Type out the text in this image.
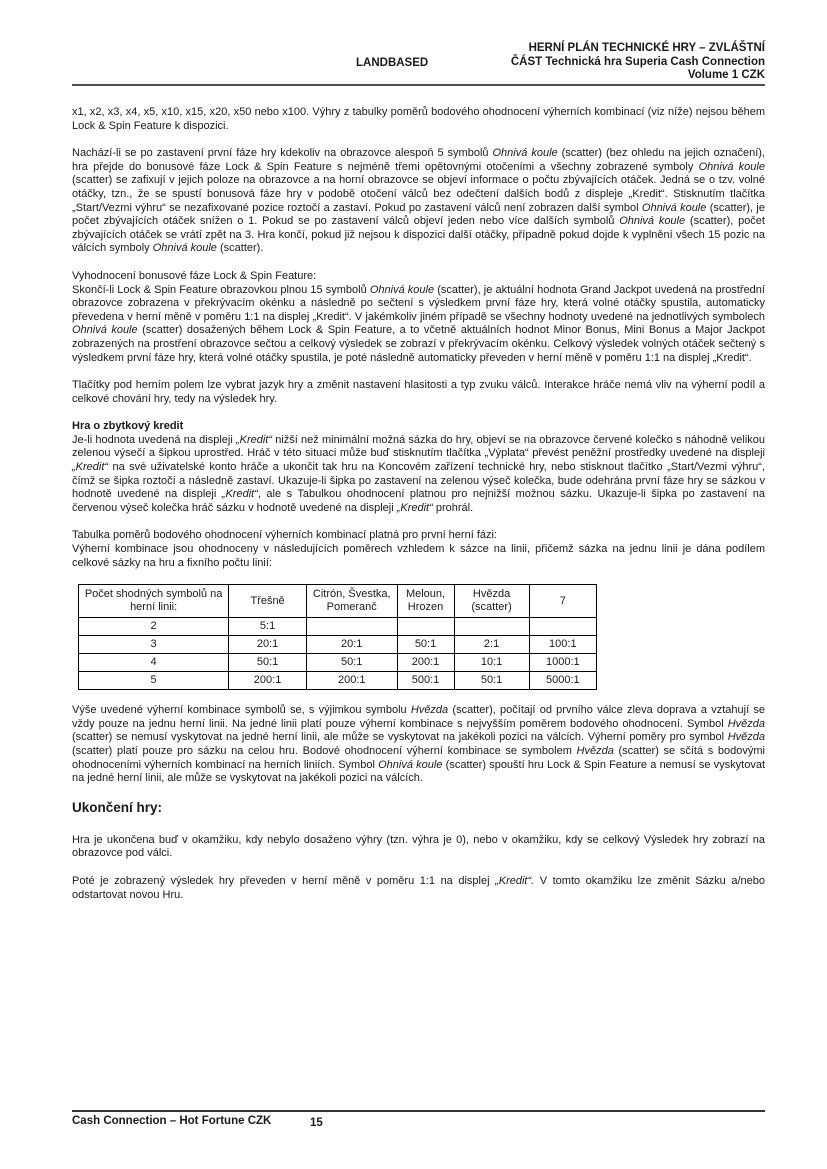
LANDBASED
HERNÍ PLÁN TECHNICKÉ HRY – ZVLÁŠTNÍ
ČÁST Technická hra Superia Cash Connection
Volume 1 CZK
x1, x2, x3, x4, x5, x10, x15, x20, x50 nebo x100. Výhry z tabulky poměrů bodového ohodnocení výherních kombinací (viz níže) nejsou během Lock & Spin Feature k dispozici.
Nachází-li se po zastavení první fáze hry kdekoliv na obrazovce alespoň 5 symbolů Ohnivá koule (scatter) (bez ohledu na jejich označení), hra přejde do bonusové fáze Lock & Spin Feature s nejméně třemi opětovnými otočeními a všechny zobrazené symboly Ohnivá koule (scatter) se zafixují v jejich poloze na obrazovce a na horní obrazovce se objeví informace o počtu zbývajících otáček. Jedná se o tzv. volné otáčky, tzn., že se spustí bonusová fáze hry v podobě otočení válců bez odečtení dalších bodů z displeje „Kredit“. Stisknutím tlačítka „Start/Vezmi výhru“ se nezafixované pozice roztočí a zastaví. Pokud po zastavení válců není zobrazen další symbol Ohnivá koule (scatter), je počet zbývajících otáček snížen o 1. Pokud se po zastavení válců objeví jeden nebo více dalších symbolů Ohnivá koule (scatter), počet zbývajících otáček se vrátí zpět na 3. Hra končí, pokud již nejsou k dispozici další otáčky, případně pokud dojde k vyplnění všech 15 pozic na válcích symboly Ohnivá koule (scatter).
Vyhodnocení bonusové fáze Lock & Spin Feature:
Skončí-li Lock & Spin Feature obrazovkou plnou 15 symbolů Ohnivá koule (scatter), je aktuální hodnota Grand Jackpot uvedená na prostřední obrazovce zobrazena v překrývacím okénku a následně po sečtení s výsledkem první fáze hry, která volné otáčky spustila, automaticky převedena v herní měně v poměru 1:1 na displej „Kredit“. V jakémkoliv jiném případě se všechny hodnoty uvedené na jednotlivých symbolech Ohnivá koule (scatter) dosažených během Lock & Spin Feature, a to včetně aktuálních hodnot Minor Bonus, Mini Bonus a Major Jackpot zobrazených na prostření obrazovce sečtou a celkový výsledek se zobrazí v překrývacím okénku. Celkový výsledek volných otáček sečtený s výsledkem první fáze hry, která volné otáčky spustila, je poté následně automaticky převeden v herní měně v poměru 1:1 na displej „Kredit“.
Tlačítky pod herním polem lze vybrat jazyk hry a změnit nastavení hlasitosti a typ zvuku válců. Interakce hráče nemá vliv na výherní podíl a celkové chování hry, tedy na výsledek hry.
Hra o zbytkový kredit
Je-li hodnota uvedená na displeji „Kredit“ nižší než minimální možná sázka do hry, objeví se na obrazovce červené kolečko s náhodně velikou zelenou výsečí a šipkou uprostřed. Hráč v této situaci může buď stisknutím tlačítka „Výplata“ převést peněžní prostředky uvedené na displeji „Kredit“ na své uživatelské konto hráče a ukončit tak hru na Koncovém zařízení technické hry, nebo stisknout tlačítko „Start/Vezmi výhru“, čímž se šipka roztočí a následně zastaví. Ukazuje-li šipka po zastavení na zelenou výseč kolečka, bude odehrána první fáze hry se sázkou v hodnotě uvedené na displeji „Kredit“, ale s Tabulkou ohodnocení platnou pro nejnižší možnou sázku. Ukazuje-li šipka po zastavení na červenou výseč kolečka hráč sázku v hodnotě uvedené na displeji „Kredit“ prohrál.
Tabulka poměrů bodového ohodnocení výherních kombinací platná pro první herní fázi:
Výherní kombinace jsou ohodnoceny v následujících poměrech vzhledem k sázce na linii, přičemž sázka na jednu linii je dána podílem celkové sázky na hru a fixního počtu linií:
Počet shodných symbolů na herní linii:	Třešně	Citrón, Švestka, Pomeranč	Meloun, Hrozen	Hvězda (scatter)	7
2	5:1				
3	20:1	20:1	50:1	2:1	100:1
4	50:1	50:1	200:1	10:1	1000:1
5	200:1	200:1	500:1	50:1	5000:1
Výše uvedené výherní kombinace symbolů se, s výjimkou symbolu Hvězda (scatter), počítají od prvního válce zleva doprava a vztahují se vždy pouze na jednu herní linii. Na jedné linii platí pouze výherní kombinace s nejvyšším poměrem bodového ohodnocení. Symbol Hvězda (scatter) se nemusí vyskytovat na jedné herní linii, ale může se vyskytovat na jakékoli pozici na válcích. Výherní poměry pro symbol Hvězda (scatter) platí pouze pro sázku na celou hru. Bodové ohodnocení výherní kombinace se symbolem Hvězda (scatter) se sčítá s bodovými ohodnoceními výherních kombinací na herních liniích. Symbol Ohnivá koule (scatter) spouští hru Lock & Spin Feature a nemusí se vyskytovat na jedné herní linii, ale může se vyskytovat na jakékoli pozici na válcích.
Ukončení hry:
Hra je ukončena buď v okamžiku, kdy nebylo dosaženo výhry (tzn. výhra je 0), nebo v okamžiku, kdy se celkový Výsledek hry zobrazí na obrazovce pod válci.
Poté je zobrazený výsledek hry převeden v herní měně v poměru 1:1 na displej „Kredit“. V tomto okamžiku lze změnit Sázku a/nebo odstartovat novou Hru.
Cash Connection – Hot Fortune CZK	15
